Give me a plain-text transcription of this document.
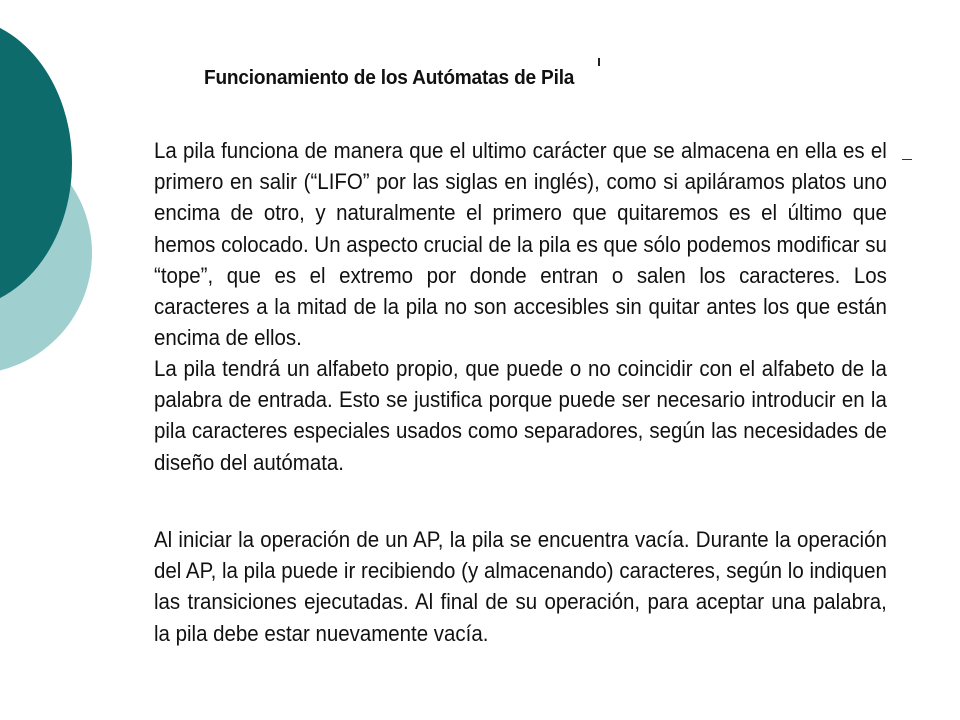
Funcionamiento de los Autómatas de Pila

La pila funciona de manera que el ultimo carácter que se almacena en ella es el primero en salir (“LIFO” por las siglas en inglés), como si apiláramos platos uno encima de otro, y naturalmente el primero que quitaremos es el último que hemos colocado. Un aspecto crucial de la pila es que sólo podemos modificar su “tope”, que es el extremo por donde entran o salen los caracteres. Los caracteres a la mitad de la pila no son accesibles sin quitar antes los que están encima de ellos.

La pila tendrá un alfabeto propio, que puede o no coincidir con el alfabeto de la palabra de entrada. Esto se justifica porque puede ser necesario introducir en la pila caracteres especiales usados como separadores, según las necesidades de diseño del autómata.

Al iniciar la operación de un AP, la pila se encuentra vacía. Durante la operación del AP, la pila puede ir recibiendo (y almacenando) caracteres, según lo indiquen las transiciones ejecutadas. Al final de su operación, para aceptar una palabra, la pila debe estar nuevamente vacía.
